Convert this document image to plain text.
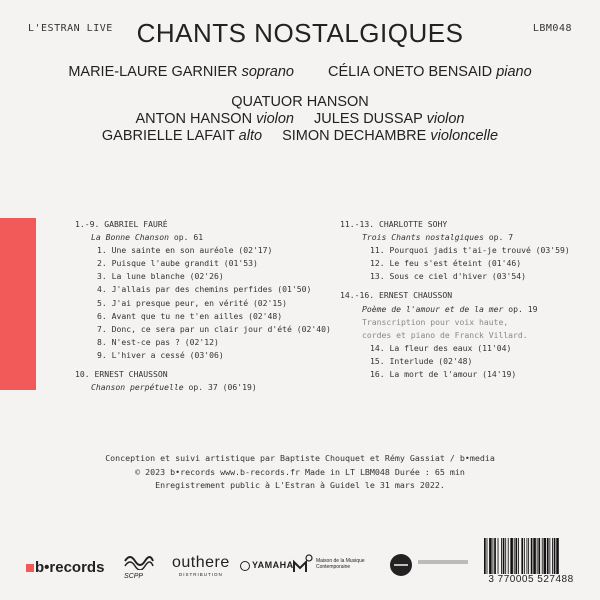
L'ESTRAN LIVE CHANTS NOSTALGIQUES	LBM048
MARIE-LAURE GARNIER soprano CÉLIA ONETO BENSAID piano
QUATUOR HANSON
ANTON HANSON violon JULES DUSSAP violon
GABRIELLE LAFAIT alto SIMON DECHAMBRE violoncelle
1.-9. GABRIEL FAURÉ
La Bonne Chanson op. 61
1. Une sainte en son auréole (02'17)
2. Puisque l'aube grandit (01'53)
3. La lune blanche (02'26)
4. J'allais par des chemins perfides (01'50)
5. J'ai presque peur, en vérité (02'15)
6. Avant que tu ne t'en ailles (02'48)
7. Donc, ce sera par un clair jour d'été (02'40)
8. N'est-ce pas ? (02'12)
9. L'hiver a cessé (03'06)
10. ERNEST CHAUSSON
Chanson perpétuelle op. 37 (06'19)
11.-13. CHARLOTTE SOHY
Trois Chants nostalgiques op. 7
11. Pourquoi jadis t'ai-je trouvé (03'59)
12. Le feu s'est éteint (01'46)
13. Sous ce ciel d'hiver (03'54)
14.-16. ERNEST CHAUSSON
Poème de l'amour et de la mer op. 19
Transcription pour voix haute,
cordes et piano de Franck Villard.
14. La fleur des eaux (11'04)
15. Interlude (02'48)
16. La mort de l'amour (14'19)
Conception et suivi artistique par Baptiste Chouquet et Rémy Gassiat / b•media
© 2023 b•records www.b-records.fr Made in LT LBM048 Durée : 65 min
Enregistrement public à L'Estran à Guidel le 31 mars 2022.
b•records
SCPP
outhere
DISTRIBUTION
YAMAHA	Maison de la Musique Contemporaine
3 770005 527488
